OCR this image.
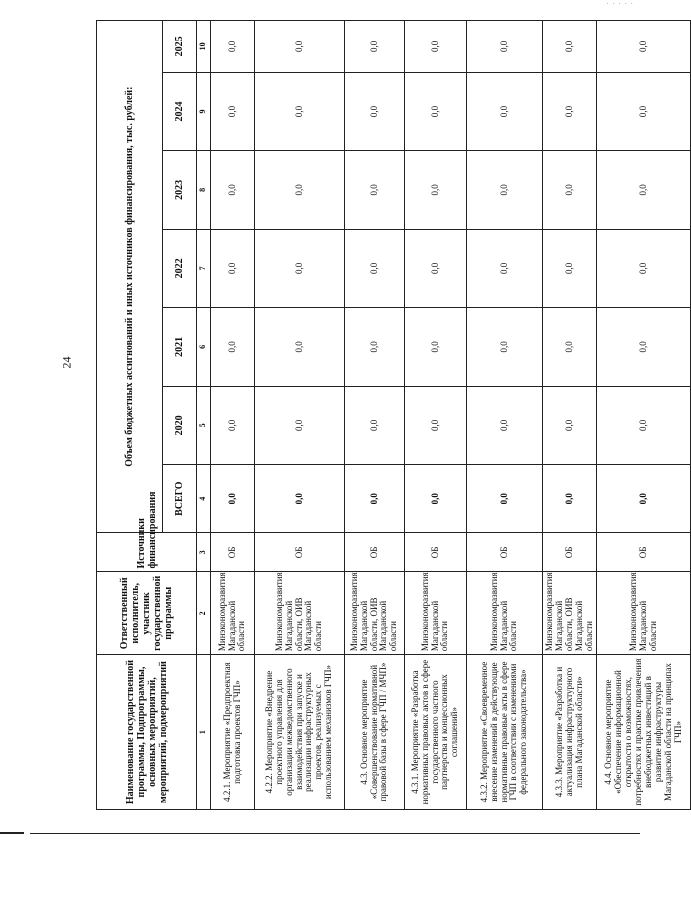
· · · · ·
24
Наименование государственной программы, Подпрограммы, основных мероприятий, мероприятий, подмероприятий	Ответственный исполнитель, участник государственной программы	Источники финансирования	Объем бюджетных ассигнований и иных источников финансирования, тыс. рублей:						
			ВСЕГО	2020	2021	2022	2023	2024	2025
1	2	3	4	5	6	7	8	9	10
4.2.1. Мероприятие «Предпроектная подготовка проектов ГЧП»	Минэкономразвития Магаданской области	ОБ	0,0	0,0	0,0	0,0	0,0	0,0	0,0
4.2.2. Мероприятие «Внедрение проектного управления для организации межведомственного взаимодействия при запуске и реализации инфраструктурных проектов, реализуемых с использованием механизмов ГЧП»	Минэкономразвития Магаданской области, ОИВ Магаданской области	ОБ	0,0	0,0	0,0	0,0	0,0	0,0	0,0
4.3. Основное мероприятие «Совершенствование нормативной правовой базы в сфере ГЧП / МЧП»	Минэкономразвития Магаданской области, ОИВ Магаданской области	ОБ	0,0	0,0	0,0	0,0	0,0	0,0	0,0
4.3.1. Мероприятие «Разработка нормативных правовых актов в сфере государственного частного партнерства и концессионных соглашений»	Минэкономразвития Магаданской области	ОБ	0,0	0,0	0,0	0,0	0,0	0,0	0,0
4.3.2. Мероприятие «Своевременное внесение изменений в действующие нормативные правовые акты в сфере ГЧП в соответствии с изменениями федерального законодательства»	Минэкономразвития Магаданской области	ОБ	0,0	0,0	0,0	0,0	0,0	0,0	0,0
4.3.3. Мероприятие «Разработка и актуализация инфраструктурного плана Магаданской области»	Минэкономразвития Магаданской области, ОИВ Магаданской области	ОБ	0,0	0,0	0,0	0,0	0,0	0,0	0,0
4.4. Основное мероприятие «Обеспечение информационной открытости о возможностях, потребностях и практике привлечения внебюджетных инвестиций в развитие инфраструктуры Магаданской области на принципах ГЧП»	Минэкономразвития Магаданской области	ОБ	0,0	0,0	0,0	0,0	0,0	0,0	0,0
